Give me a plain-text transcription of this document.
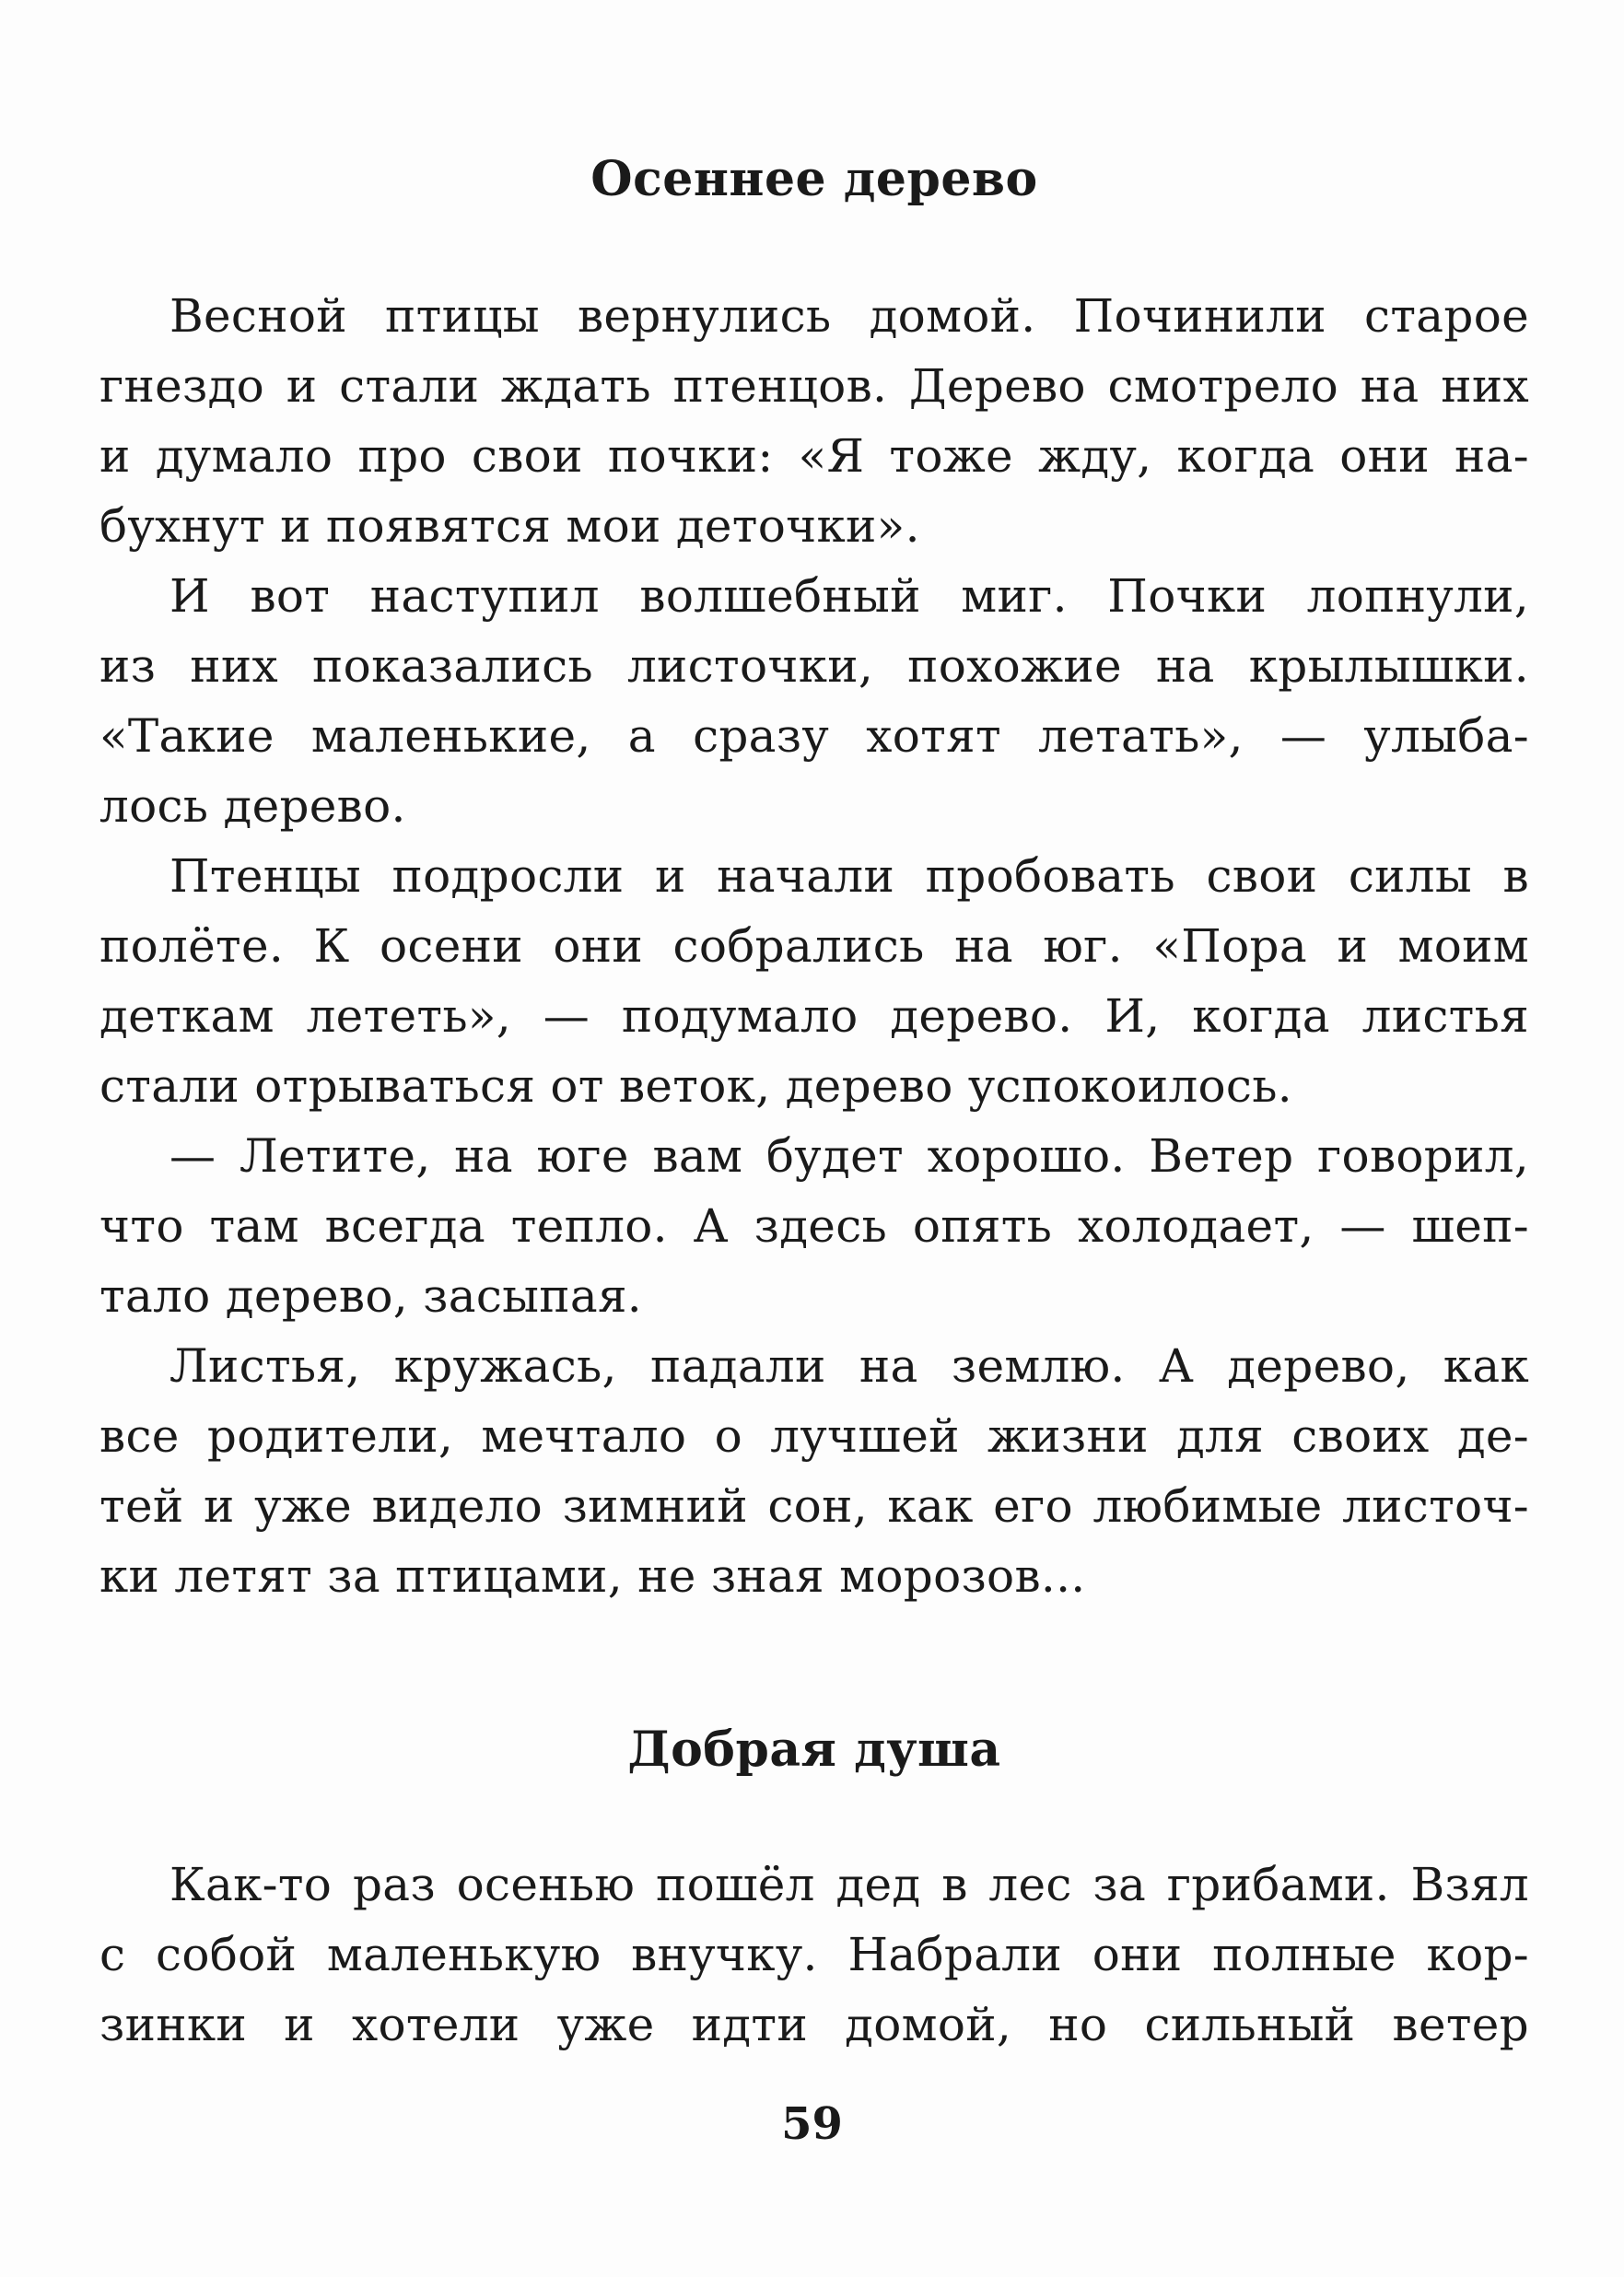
Осеннее дерево
Весной птицы вернулись домой. Починили старое
гнездо и стали ждать птенцов. Дерево смотрело на них
и думало про свои почки: «Я тоже жду, когда они на-
бухнут и появятся мои деточки».
И вот наступил волшебный миг. Почки лопнули,
из них показались листочки, похожие на крылышки.
«Такие маленькие, а сразу хотят летать», — улыба-
лось дерево.
Птенцы подросли и начали пробовать свои силы в
полёте. К осени они собрались на юг. «Пора и моим
деткам лететь», — подумало дерево. И, когда листья
стали отрываться от веток, дерево успокоилось.
— Летите, на юге вам будет хорошо. Ветер говорил,
что там всегда тепло. А здесь опять холодает, — шеп-
тало дерево, засыпая.
Листья, кружась, падали на землю. А дерево, как
все родители, мечтало о лучшей жизни для своих де-
тей и уже видело зимний сон, как его любимые листоч-
ки летят за птицами, не зная морозов...
Добрая душа
Как-то раз осенью пошёл дед в лес за грибами. Взял
с собой маленькую внучку. Набрали они полные кор-
зинки и хотели уже идти домой, но сильный ветер
59
